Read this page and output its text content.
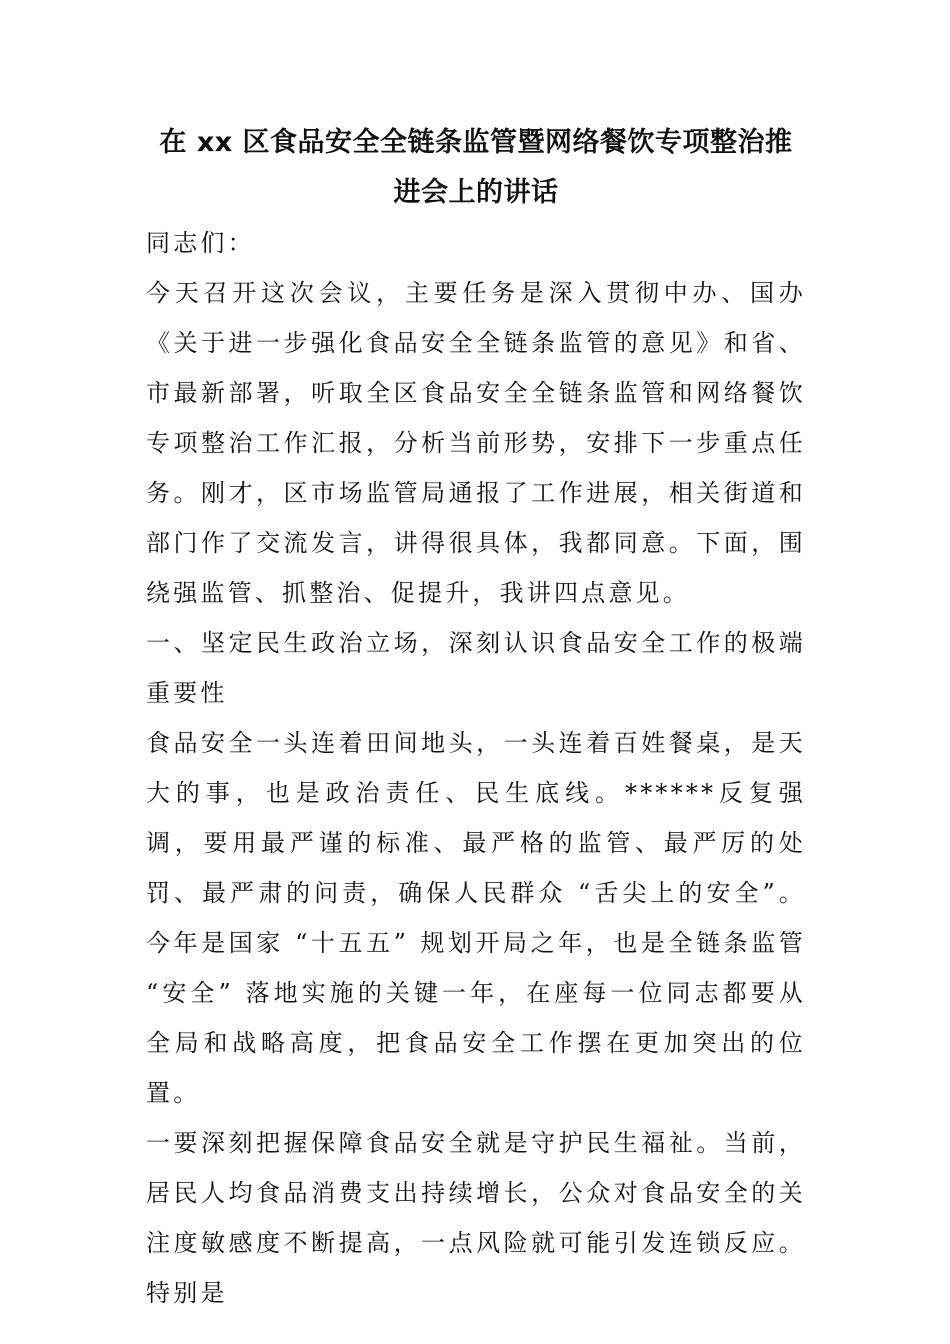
在 xx 区食品安全全链条监管暨网络餐饮专项整治推
进会上的讲话

同志们：

今天召开这次会议，主要任务是深入贯彻中办、国办《关于进一步强化食品安全全链条监管的意见》和省、市最新部署，听取全区食品安全全链条监管和网络餐饮专项整治工作汇报，分析当前形势，安排下一步重点任务。刚才，区市场监管局通报了工作进展，相关街道和部门作了交流发言，讲得很具体，我都同意。下面，围绕强监管、抓整治、促提升，我讲四点意见。

一、坚定民生政治立场，深刻认识食品安全工作的极端重要性

食品安全一头连着田间地头，一头连着百姓餐桌，是天大的事，也是政治责任、民生底线。******反复强调，要用最严谨的标准、最严格的监管、最严厉的处罚、最严肃的问责，确保人民群众 “舌尖上的安全”。今年是国家 “十五五” 规划开局之年，也是全链条监管 “安全” 落地实施的关键一年，在座每一位同志都要从全局和战略高度，把食品安全工作摆在更加突出的位置。

一要深刻把握保障食品安全就是守护民生福祉。当前，居民人均食品消费支出持续增长，公众对食品安全的关注度敏感度不断提高，一点风险就可能引发连锁反应。特别是
